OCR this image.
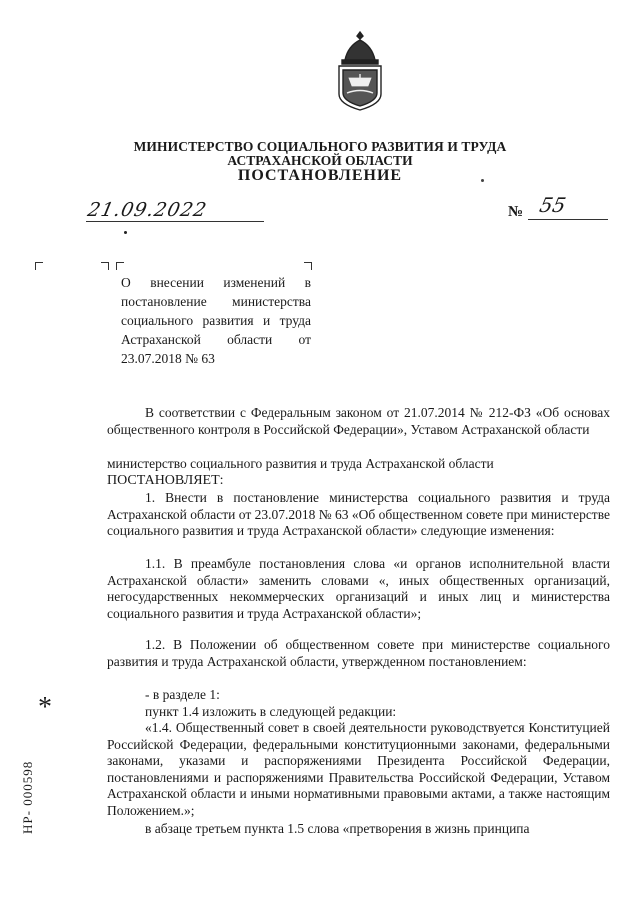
МИНИСТЕРСТВО СОЦИАЛЬНОГО РАЗВИТИЯ И ТРУДА
АСТРАХАНСКОЙ ОБЛАСТИ
ПОСТАНОВЛЕНИЕ
21.09.2022	№ 55
О внесении изменений в постановление министерства социального развития и труда Астраханской области от 23.07.2018 № 63
В соответствии с Федеральным законом от 21.07.2014 № 212-ФЗ «Об основах общественного контроля в Российской Федерации», Уставом Астраханской области
министерство социального развития и труда Астраханской области
ПОСТАНОВЛЯЕТ:
1. Внести в постановление министерства социального развития и труда Астраханской области от 23.07.2018 № 63 «Об общественном совете при министерстве социального развития и труда Астраханской области» следующие изменения:
1.1. В преамбуле постановления слова «и органов исполнительной власти Астраханской области» заменить словами «, иных общественных организаций, негосударственных некоммерческих организаций и иных лиц и министерства социального развития и труда Астраханской области»;
1.2. В Положении об общественном совете при министерстве социального развития и труда Астраханской области, утвержденном постановлением:
- в разделе 1:
пункт 1.4 изложить в следующей редакции:
«1.4. Общественный совет в своей деятельности руководствуется Конституцией Российской Федерации, федеральными конституционными законами, федеральными законами, указами и распоряжениями Президента Российской Федерации, постановлениями и распоряжениями Правительства Российской Федерации, Уставом Астраханской области и иными нормативными правовыми актами, а также настоящим Положением.»;
в абзаце третьем пункта 1.5 слова «претворения в жизнь принципа
*
НР- 000598
